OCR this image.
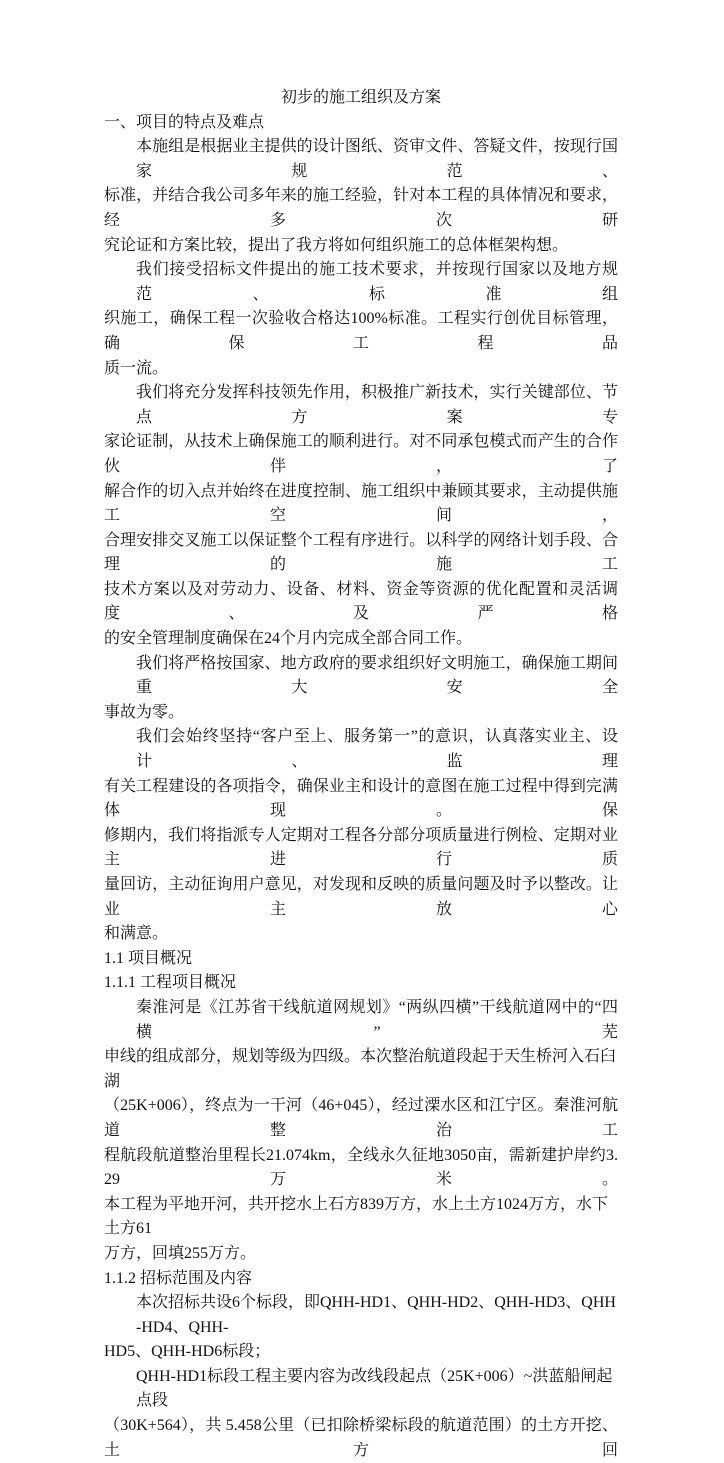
初步的施工组织及方案
一、项目的特点及难点
本施组是根据业主提供的设计图纸、资审文件、答疑文件，按现行国家规范、
标准，并结合我公司多年来的施工经验，针对本工程的具体情况和要求，经多次研
究论证和方案比较，提出了我方将如何组织施工的总体框架构想。
我们接受招标文件提出的施工技术要求，并按现行国家以及地方规范、标准组
织施工，确保工程一次验收合格达100%标准。工程实行创优目标管理，确保工程品
质一流。
我们将充分发挥科技领先作用，积极推广新技术，实行关键部位、节点方案专
家论证制，从技术上确保施工的顺利进行。对不同承包模式而产生的合作伙伴，了
解合作的切入点并始终在进度控制、施工组织中兼顾其要求，主动提供施工空间，
合理安排交叉施工以保证整个工程有序进行。以科学的网络计划手段、合理的施工
技术方案以及对劳动力、设备、材料、资金等资源的优化配置和灵活调度、及严格
的安全管理制度确保在24个月内完成全部合同工作。
我们将严格按国家、地方政府的要求组织好文明施工，确保施工期间重大安全
事故为零。
我们会始终坚持“客户至上、服务第一”的意识，认真落实业主、设计、监理
有关工程建设的各项指令，确保业主和设计的意图在施工过程中得到完满体现。保
修期内，我们将指派专人定期对工程各分部分项质量进行例检、定期对业主进行质
量回访，主动征询用户意见，对发现和反映的质量问题及时予以整改。让业主放心
和满意。
1.1 项目概况
1.1.1 工程项目概况
秦淮河是《江苏省干线航道网规划》“两纵四横”干线航道网中的“四横”芜
申线的组成部分，规划等级为四级。本次整治航道段起于天生桥河入石臼湖
（25K+006），终点为一干河（46+045），经过溧水区和江宁区。秦淮河航道整治工
程航段航道整治里程长21.074km，全线永久征地3050亩，需新建护岸约3.29万米。
本工程为平地开河，共开挖水上石方839万方，水上土方1024万方，水下土方61
万方，回填255万方。
1.1.2 招标范围及内容
本次招标共设6个标段，即QHH-HD1、QHH-HD2、QHH-HD3、QHH-HD4、QHH-
HD5、QHH-HD6标段；
QHH-HD1标段工程主要内容为改线段起点（25K+006）~洪蓝船闸起点段
（30K+564），共 5.458公里（已扣除桥梁标段的航道范围）的土方开挖、土方回
